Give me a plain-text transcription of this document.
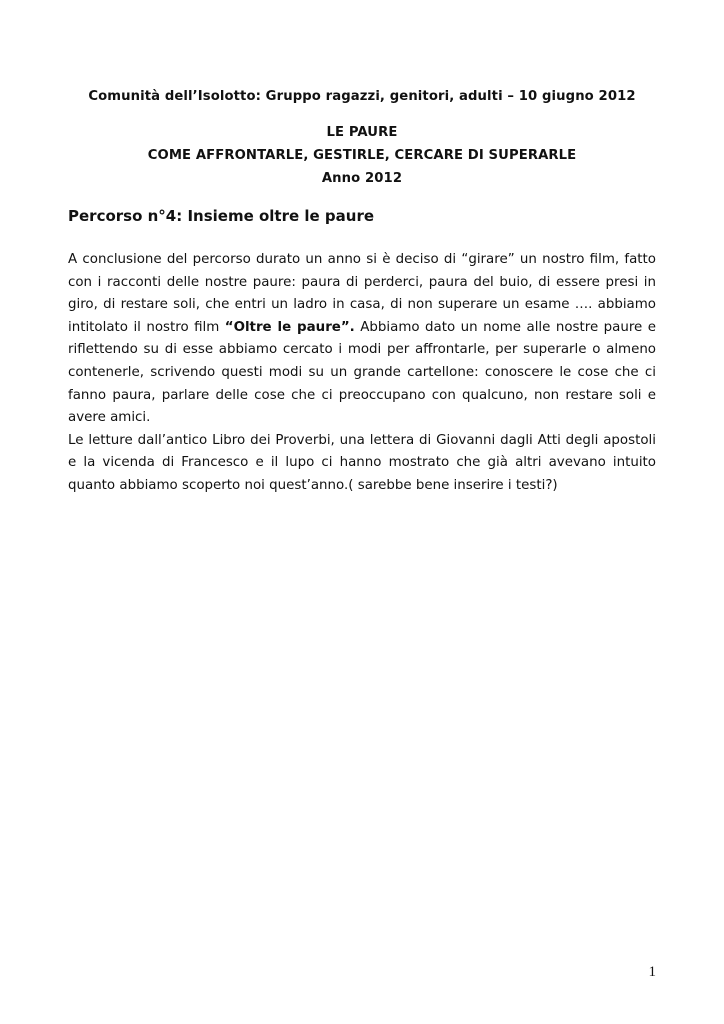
Comunità dell’Isolotto: Gruppo ragazzi, genitori, adulti – 10 giugno 2012
LE PAURE
COME AFFRONTARLE, GESTIRLE, CERCARE DI SUPERARLE
Anno 2012
Percorso n°4: Insieme oltre le paure

A conclusione del percorso durato un anno si è deciso di “girare” un nostro film, fatto con i racconti delle nostre paure: paura di perderci, paura del buio, di essere presi in giro, di restare soli, che entri un ladro in casa, di non superare un esame …. abbiamo intitolato il nostro film “Oltre le paure”. Abbiamo dato un nome alle nostre paure e riflettendo su di esse abbiamo cercato i modi per affrontarle, per superarle o almeno contenerle, scrivendo questi modi su un grande cartellone: conoscere le cose che ci fanno paura, parlare delle cose che ci preoccupano con qualcuno, non restare soli e avere amici.

Le letture dall’antico Libro dei Proverbi, una lettera di Giovanni dagli Atti degli apostoli e la vicenda di Francesco e il lupo ci hanno mostrato che già altri avevano intuito quanto abbiamo scoperto noi quest’anno.( sarebbe bene inserire i testi?)

1
